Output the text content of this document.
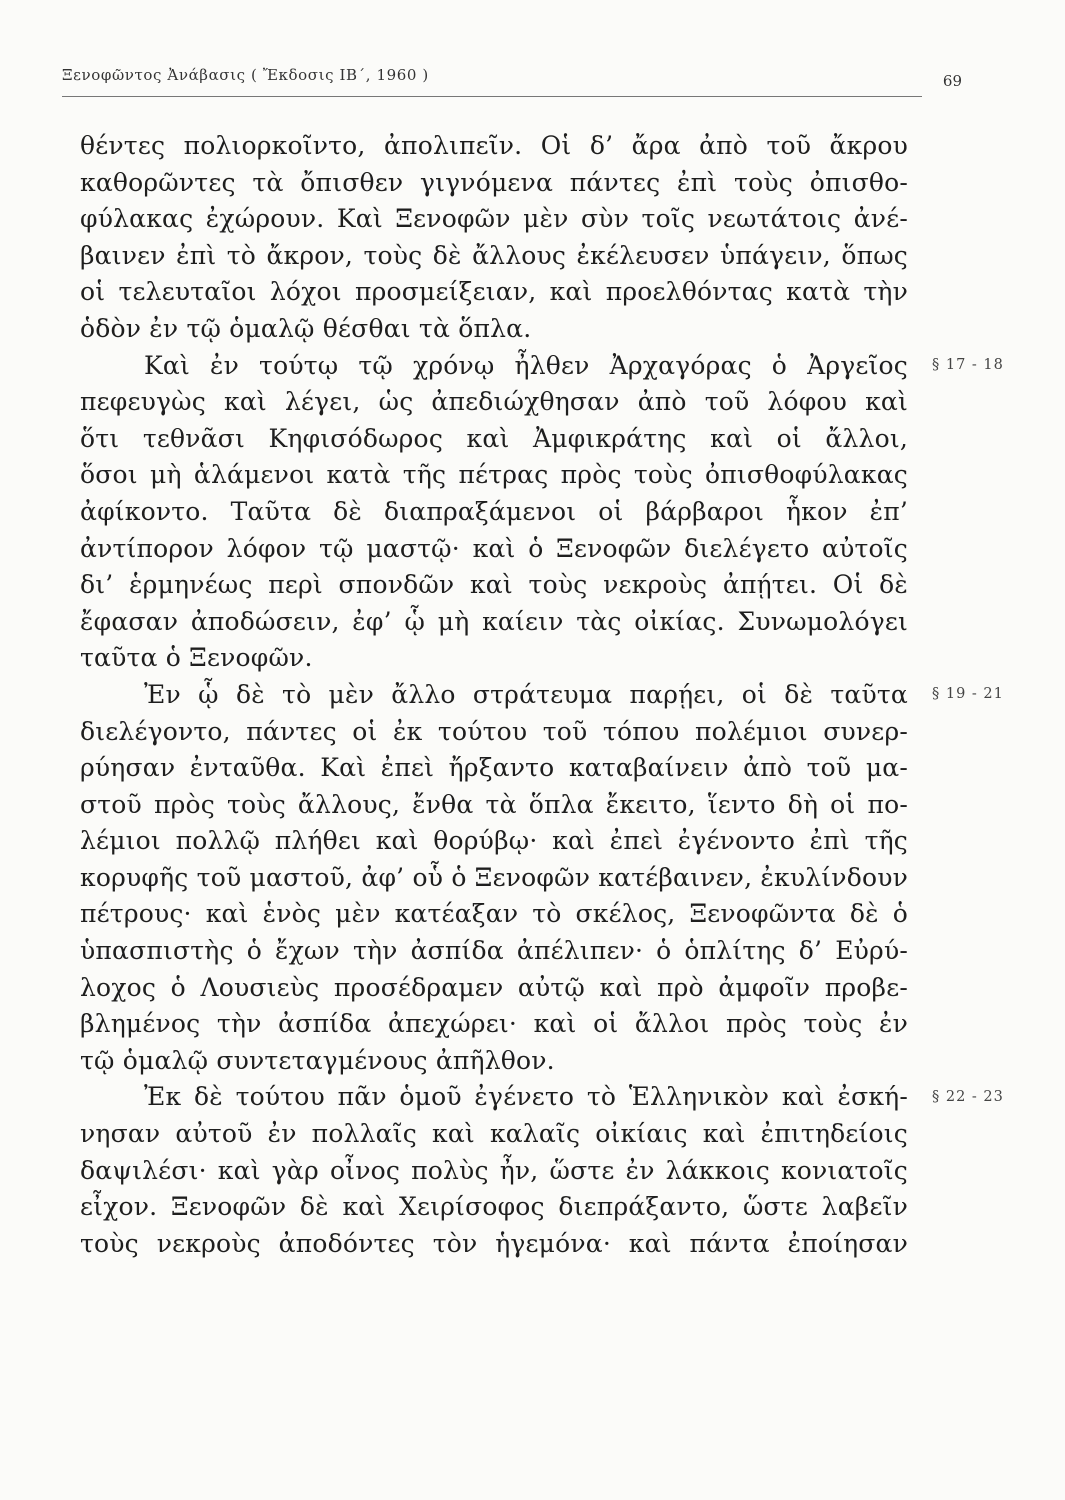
Ξενοφῶντος Ἀνάβασις ( Ἔκδοσις ΙΒ΄, 1960 )	69
θέντες πολιορκοῖντο, ἀπολιπεῖν. Οἱ δ’ ἄρα ἀπὸ τοῦ ἄκρου
καθορῶντες τὰ ὄπισθεν γιγνόμενα πάντες ἐπὶ τοὺς ὀπισθο-
φύλακας ἐχώρουν. Καὶ Ξενοφῶν μὲν σὺν τοῖς νεωτάτοις ἀνέ-
βαινεν ἐπὶ τὸ ἄκρον, τοὺς δὲ ἄλλους ἐκέλευσεν ὑπάγειν, ὅπως
οἱ τελευταῖοι λόχοι προσμείξειαν, καὶ προελθόντας κατὰ τὴν
ὁδὸν ἐν τῷ ὁμαλῷ θέσθαι τὰ ὅπλα.
Καὶ ἐν τούτῳ τῷ χρόνῳ ἦλθεν Ἀρχαγόρας ὁ Ἀργεῖος § 17 - 18
πεφευγὼς καὶ λέγει, ὡς ἀπεδιώχθησαν ἀπὸ τοῦ λόφου καὶ
ὅτι τεθνᾶσι Κηφισόδωρος καὶ Ἀμφικράτης καὶ οἱ ἄλλοι,
ὅσοι μὴ ἁλάμενοι κατὰ τῆς πέτρας πρὸς τοὺς ὀπισθοφύλακας
ἀφίκοντο. Ταῦτα δὲ διαπραξάμενοι οἱ βάρβαροι ἧκον ἐπ’
ἀντίπορον λόφον τῷ μαστῷ· καὶ ὁ Ξενοφῶν διελέγετο αὐτοῖς
δι’ ἑρμηνέως περὶ σπονδῶν καὶ τοὺς νεκροὺς ἀπῄτει. Οἱ δὲ
ἔφασαν ἀποδώσειν, ἐφ’ ᾧ μὴ καίειν τὰς οἰκίας. Συνωμολόγει
ταῦτα ὁ Ξενοφῶν.
Ἐν ᾧ δὲ τὸ μὲν ἄλλο στράτευμα παρῄει, οἱ δὲ ταῦτα § 19 - 21
διελέγοντο, πάντες οἱ ἐκ τούτου τοῦ τόπου πολέμιοι συνερ-
ρύησαν ἐνταῦθα. Καὶ ἐπεὶ ἤρξαντο καταβαίνειν ἀπὸ τοῦ μα-
στοῦ πρὸς τοὺς ἄλλους, ἔνθα τὰ ὅπλα ἔκειτο, ἵεντο δὴ οἱ πο-
λέμιοι πολλῷ πλήθει καὶ θορύβῳ· καὶ ἐπεὶ ἐγένοντο ἐπὶ τῆς
κορυφῆς τοῦ μαστοῦ, ἀφ’ οὗ ὁ Ξενοφῶν κατέβαινεν, ἐκυλίνδουν
πέτρους· καὶ ἑνὸς μὲν κατέαξαν τὸ σκέλος, Ξενοφῶντα δὲ ὁ
ὑπασπιστὴς ὁ ἔχων τὴν ἀσπίδα ἀπέλιπεν· ὁ ὁπλίτης δ’ Εὐρύ-
λοχος ὁ Λουσιεὺς προσέδραμεν αὐτῷ καὶ πρὸ ἀμφοῖν προβε-
βλημένος τὴν ἀσπίδα ἀπεχώρει· καὶ οἱ ἄλλοι πρὸς τοὺς ἐν
τῷ ὁμαλῷ συντεταγμένους ἀπῆλθον.
Ἐκ δὲ τούτου πᾶν ὁμοῦ ἐγένετο τὸ Ἑλληνικὸν καὶ ἐσκή- § 22 - 23
νησαν αὐτοῦ ἐν πολλαῖς καὶ καλαῖς οἰκίαις καὶ ἐπιτηδείοις
δαψιλέσι· καὶ γὰρ οἶνος πολὺς ἦν, ὥστε ἐν λάκκοις κονιατοῖς
εἶχον. Ξενοφῶν δὲ καὶ Χειρίσοφος διεπράξαντο, ὥστε λαβεῖν
τοὺς νεκροὺς ἀποδόντες τὸν ἡγεμόνα· καὶ πάντα ἐποίησαν
